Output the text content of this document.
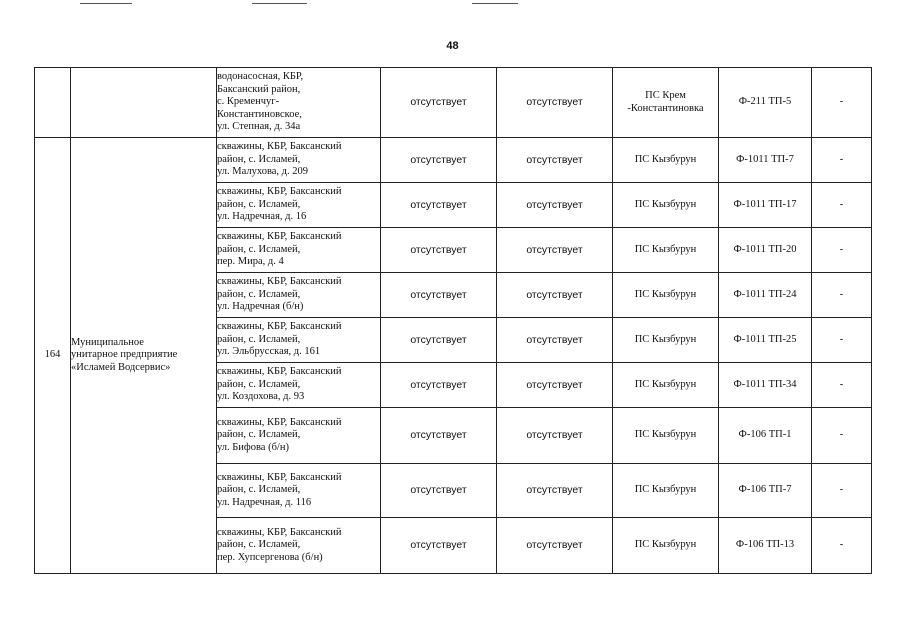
48

		водонасосная, КБР,
Баксанский район,
с. Кременчуг-
Константиновское,
ул. Степная, д. 34а	отсутствует	отсутствует	ПС Крем
-Константиновка	Ф-211 ТП-5	-
164	Муниципальное
унитарное предприятие
«Исламей Водсервис»	скважины, КБР, Баксанский
район, с. Исламей,
ул. Малухова, д. 209	отсутствует	отсутствует	ПС Кызбурун	Ф-1011 ТП-7	-

		скважины, КБР, Баксанский
район, с. Исламей,
ул. Надречная, д. 16	отсутствует	отсутствует	ПС Кызбурун	Ф-1011 ТП-17	-

		скважины, КБР, Баксанский
район, с. Исламей,
пер. Мира, д. 4	отсутствует	отсутствует	ПС Кызбурун	Ф-1011 ТП-20	-

		скважины, КБР, Баксанский
район, с. Исламей,
ул. Надречная (б/н)	отсутствует	отсутствует	ПС Кызбурун	Ф-1011 ТП-24	-

		скважины, КБР, Баксанский
район, с. Исламей,
ул. Эльбрусская, д. 161	отсутствует	отсутствует	ПС Кызбурун	Ф-1011 ТП-25	-

		скважины, КБР, Баксанский
район, с. Исламей,
ул. Коздохова, д. 93	отсутствует	отсутствует	ПС Кызбурун	Ф-1011 ТП-34	-

		скважины, КБР, Баксанский
район, с. Исламей,
ул. Бифова (б/н)	отсутствует	отсутствует	ПС Кызбурун	Ф-106 ТП-1	-

		скважины, КБР, Баксанский
район, с. Исламей,
ул. Надречная, д. 116	отсутствует	отсутствует	ПС Кызбурун	Ф-106 ТП-7	-

		скважины, КБР, Баксанский
район, с. Исламей,
пер. Хупсергенова (б/н)	отсутствует	отсутствует	ПС Кызбурун	Ф-106 ТП-13	-
